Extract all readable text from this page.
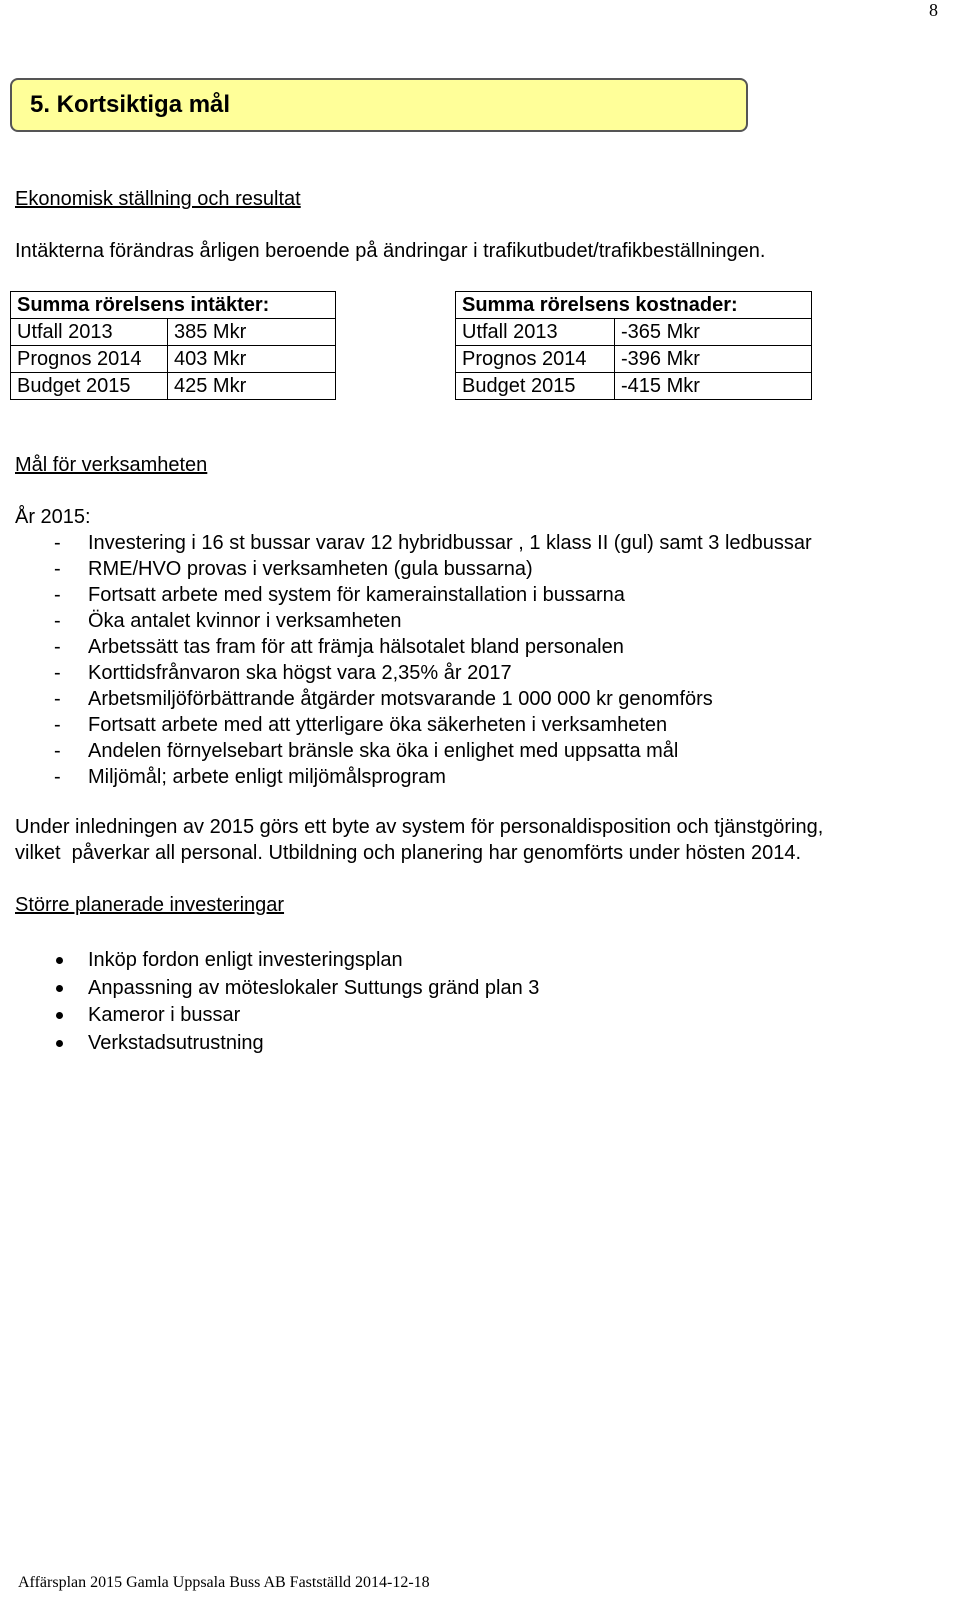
8
5. Kortsiktiga mål
Ekonomisk ställning och resultat
Intäkterna förändras årligen beroende på ändringar i trafikutbudet/trafikbeställningen.
Summa rörelsens intäkter:	
Utfall 2013	385 Mkr
Prognos 2014	403 Mkr
Budget 2015	425 Mkr
Summa rörelsens kostnader:	
Utfall 2013	-365 Mkr
Prognos 2014	-396 Mkr
Budget 2015	-415 Mkr
Mål för verksamheten
År 2015:
-	Investering i 16 st bussar varav 12 hybridbussar , 1 klass II (gul) samt 3 ledbussar
-	RME/HVO provas i verksamheten (gula bussarna)
-	Fortsatt arbete med system för kamerainstallation i bussarna
-	Öka antalet kvinnor i verksamheten
-	Arbetssätt tas fram för att främja hälsotalet bland personalen
-	Korttidsfrånvaron ska högst vara 2,35% år 2017
-	Arbetsmiljöförbättrande åtgärder motsvarande 1 000 000 kr genomförs
-	Fortsatt arbete med att ytterligare öka säkerheten i verksamheten
-	Andelen förnyelsebart bränsle ska öka i enlighet med uppsatta mål
-	Miljömål; arbete enligt miljömålsprogram
Under inledningen av 2015 görs ett byte av system för personaldisposition och tjänstgöring,
vilket  påverkar all personal. Utbildning och planering har genomförts under hösten 2014.
Större planerade investeringar
Inköp fordon enligt investeringsplan
Anpassning av möteslokaler Suttungs gränd plan 3
Kameror i bussar
Verkstadsutrustning
Affärsplan 2015 Gamla Uppsala Buss AB Fastställd 2014-12-18
